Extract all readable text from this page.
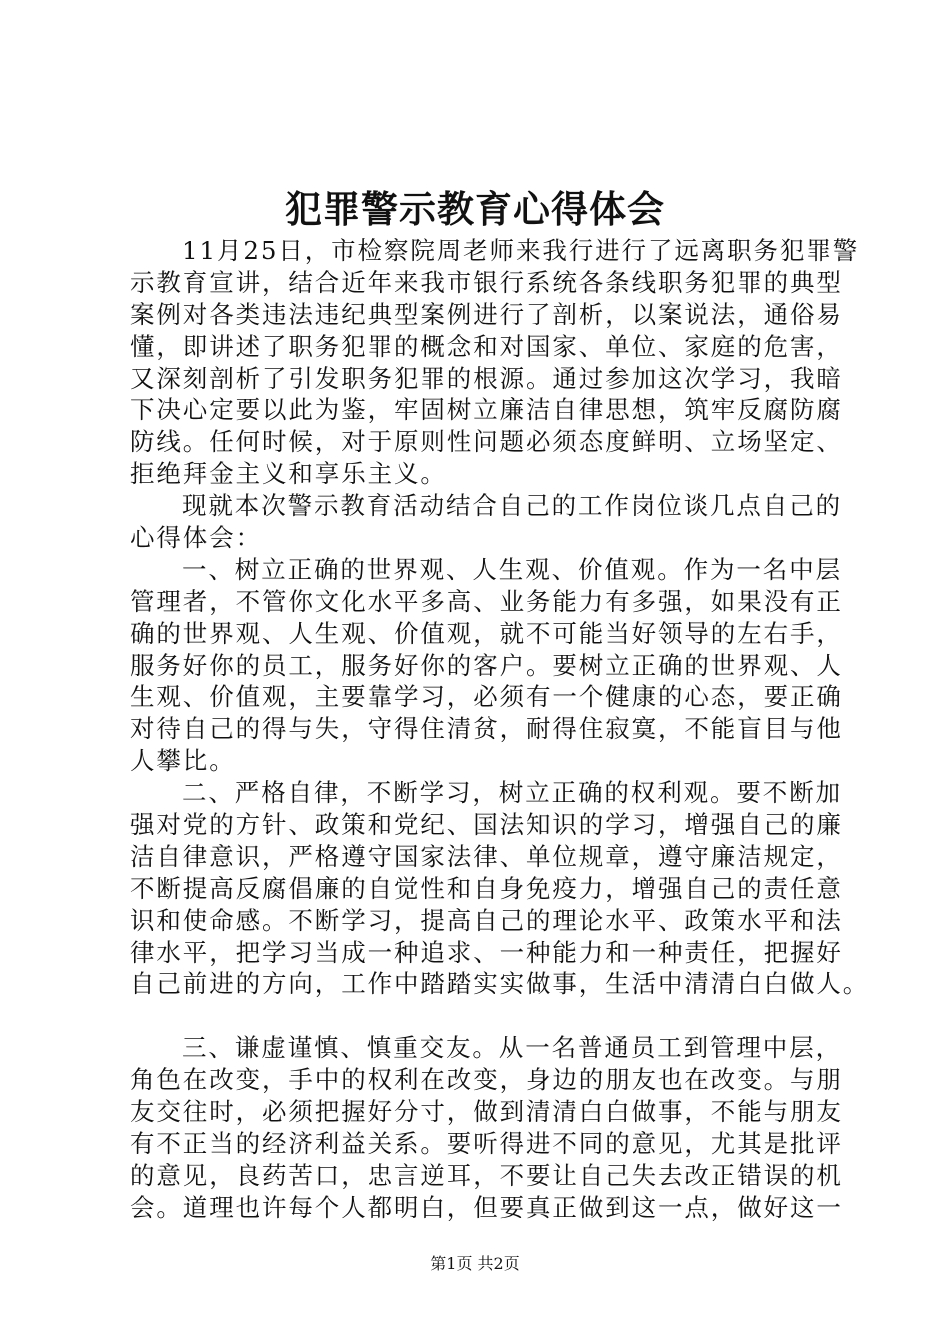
犯罪警示教育心得体会
11月25日，市检察院周老师来我行进行了远离职务犯罪警
示教育宣讲，结合近年来我市银行系统各条线职务犯罪的典型
案例对各类违法违纪典型案例进行了剖析，以案说法，通俗易
懂，即讲述了职务犯罪的概念和对国家、单位、家庭的危害，
又深刻剖析了引发职务犯罪的根源。通过参加这次学习，我暗
下决心定要以此为鉴，牢固树立廉洁自律思想，筑牢反腐防腐
防线。任何时候，对于原则性问题必须态度鲜明、立场坚定、
拒绝拜金主义和享乐主义。
现就本次警示教育活动结合自己的工作岗位谈几点自己的
心得体会：
一、树立正确的世界观、人生观、价值观。作为一名中层
管理者，不管你文化水平多高、业务能力有多强，如果没有正
确的世界观、人生观、价值观，就不可能当好领导的左右手，
服务好你的员工，服务好你的客户。要树立正确的世界观、人
生观、价值观，主要靠学习，必须有一个健康的心态，要正确
对待自己的得与失，守得住清贫，耐得住寂寞，不能盲目与他
人攀比。
二、严格自律，不断学习，树立正确的权利观。要不断加
强对党的方针、政策和党纪、国法知识的学习，增强自己的廉
洁自律意识，严格遵守国家法律、单位规章，遵守廉洁规定，
不断提高反腐倡廉的自觉性和自身免疫力，增强自己的责任意
识和使命感。不断学习，提高自己的理论水平、政策水平和法
律水平，把学习当成一种追求、一种能力和一种责任，把握好
自己前进的方向，工作中踏踏实实做事，生活中清清白白做人。
三、谦虚谨慎、慎重交友。从一名普通员工到管理中层，
角色在改变，手中的权利在改变，身边的朋友也在改变。与朋
友交往时，必须把握好分寸，做到清清白白做事，不能与朋友
有不正当的经济利益关系。要听得进不同的意见，尤其是批评
的意见，良药苦口，忠言逆耳，不要让自己失去改正错误的机
会。道理也许每个人都明白，但要真正做到这一点，做好这一
第1页 共2页
